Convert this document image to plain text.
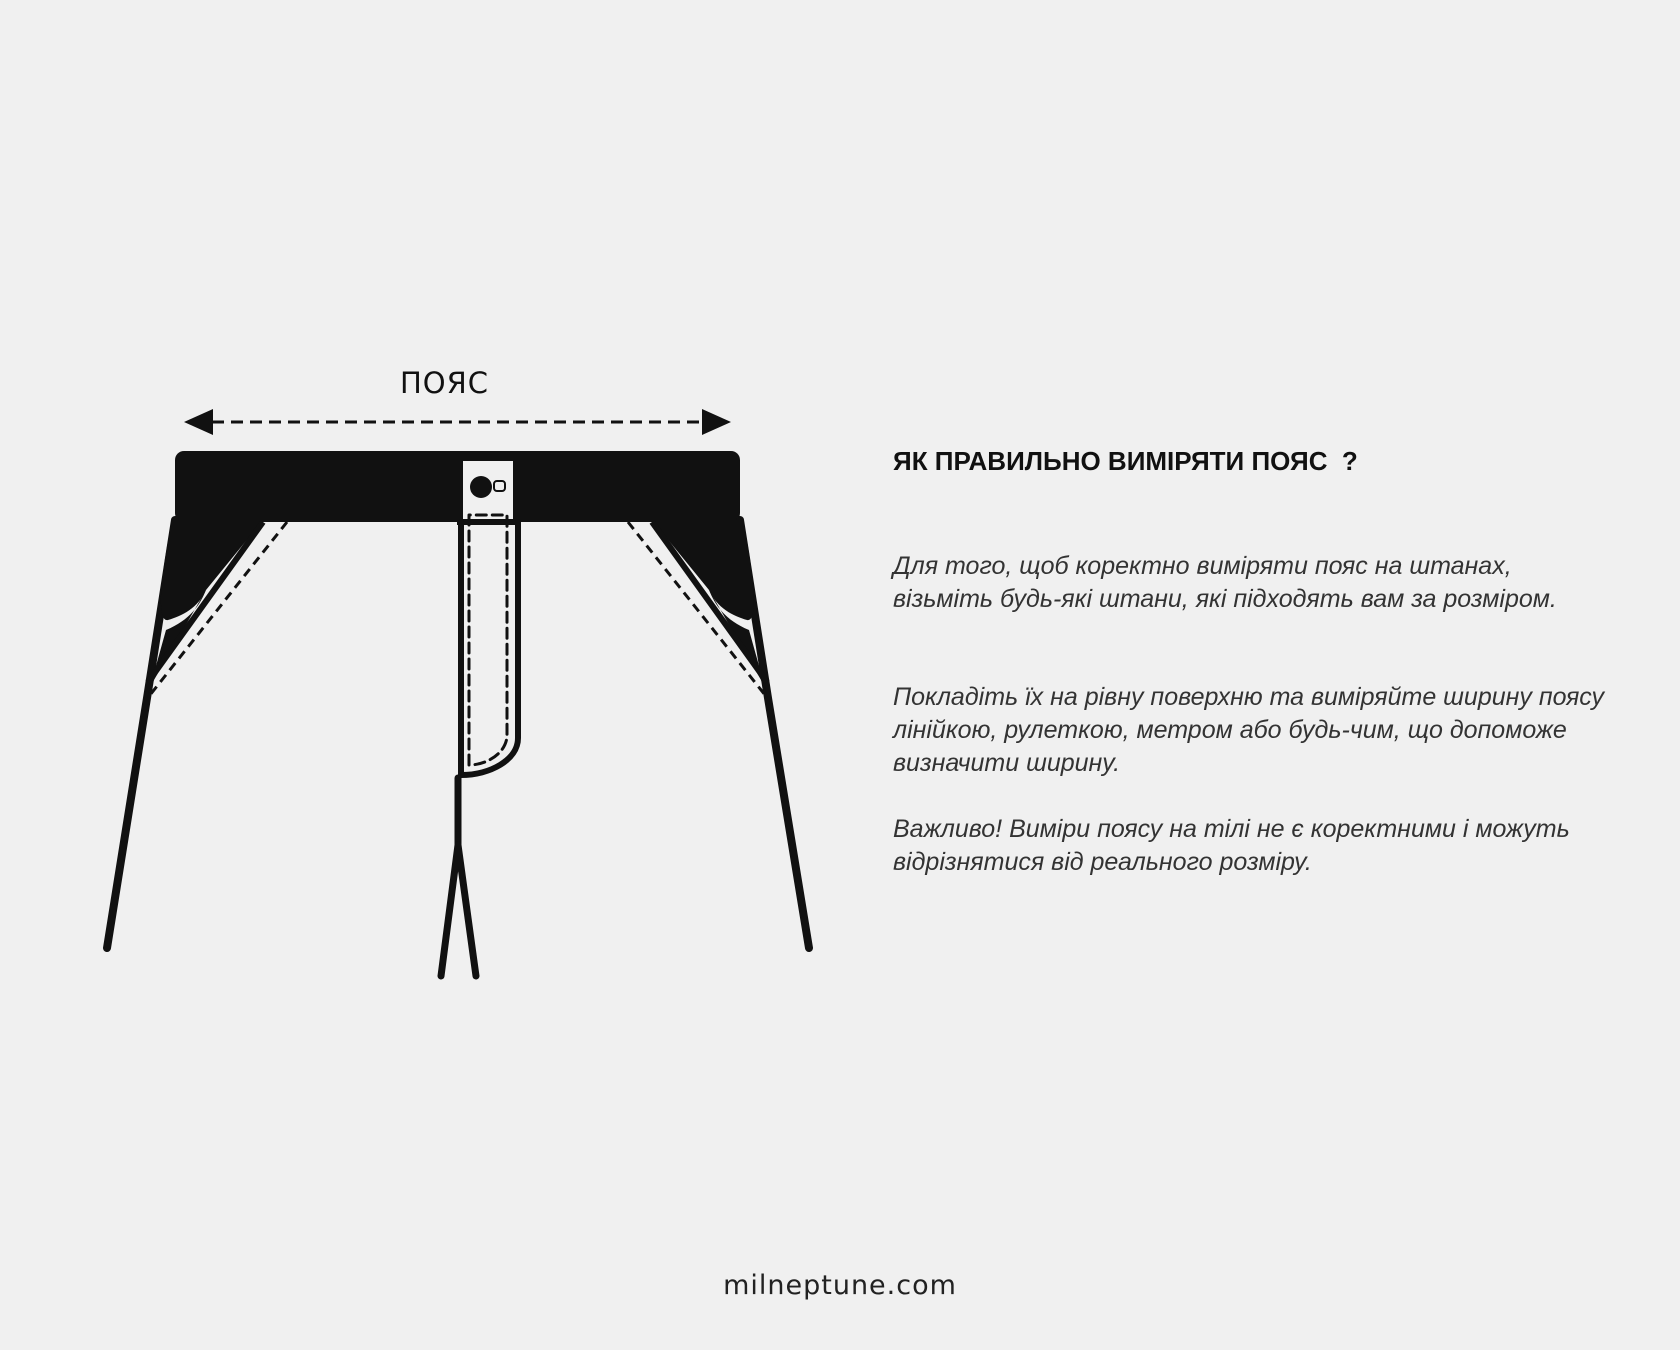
ПОЯС
ЯК ПРАВИЛЬНО ВИМІРЯТИ ПОЯС  ?

Для того, щоб коректно виміряти пояс на штанах, візьміть будь-які штани, які підходять вам за розміром.

Покладіть їх на рівну поверхню та виміряйте ширину поясу лінійкою, рулеткою, метром або будь-чим, що допоможе визначити ширину.

Важливо! Виміри поясу на тілі не є коректними і можуть відрізнятися від реального розміру.

milneptune.com
